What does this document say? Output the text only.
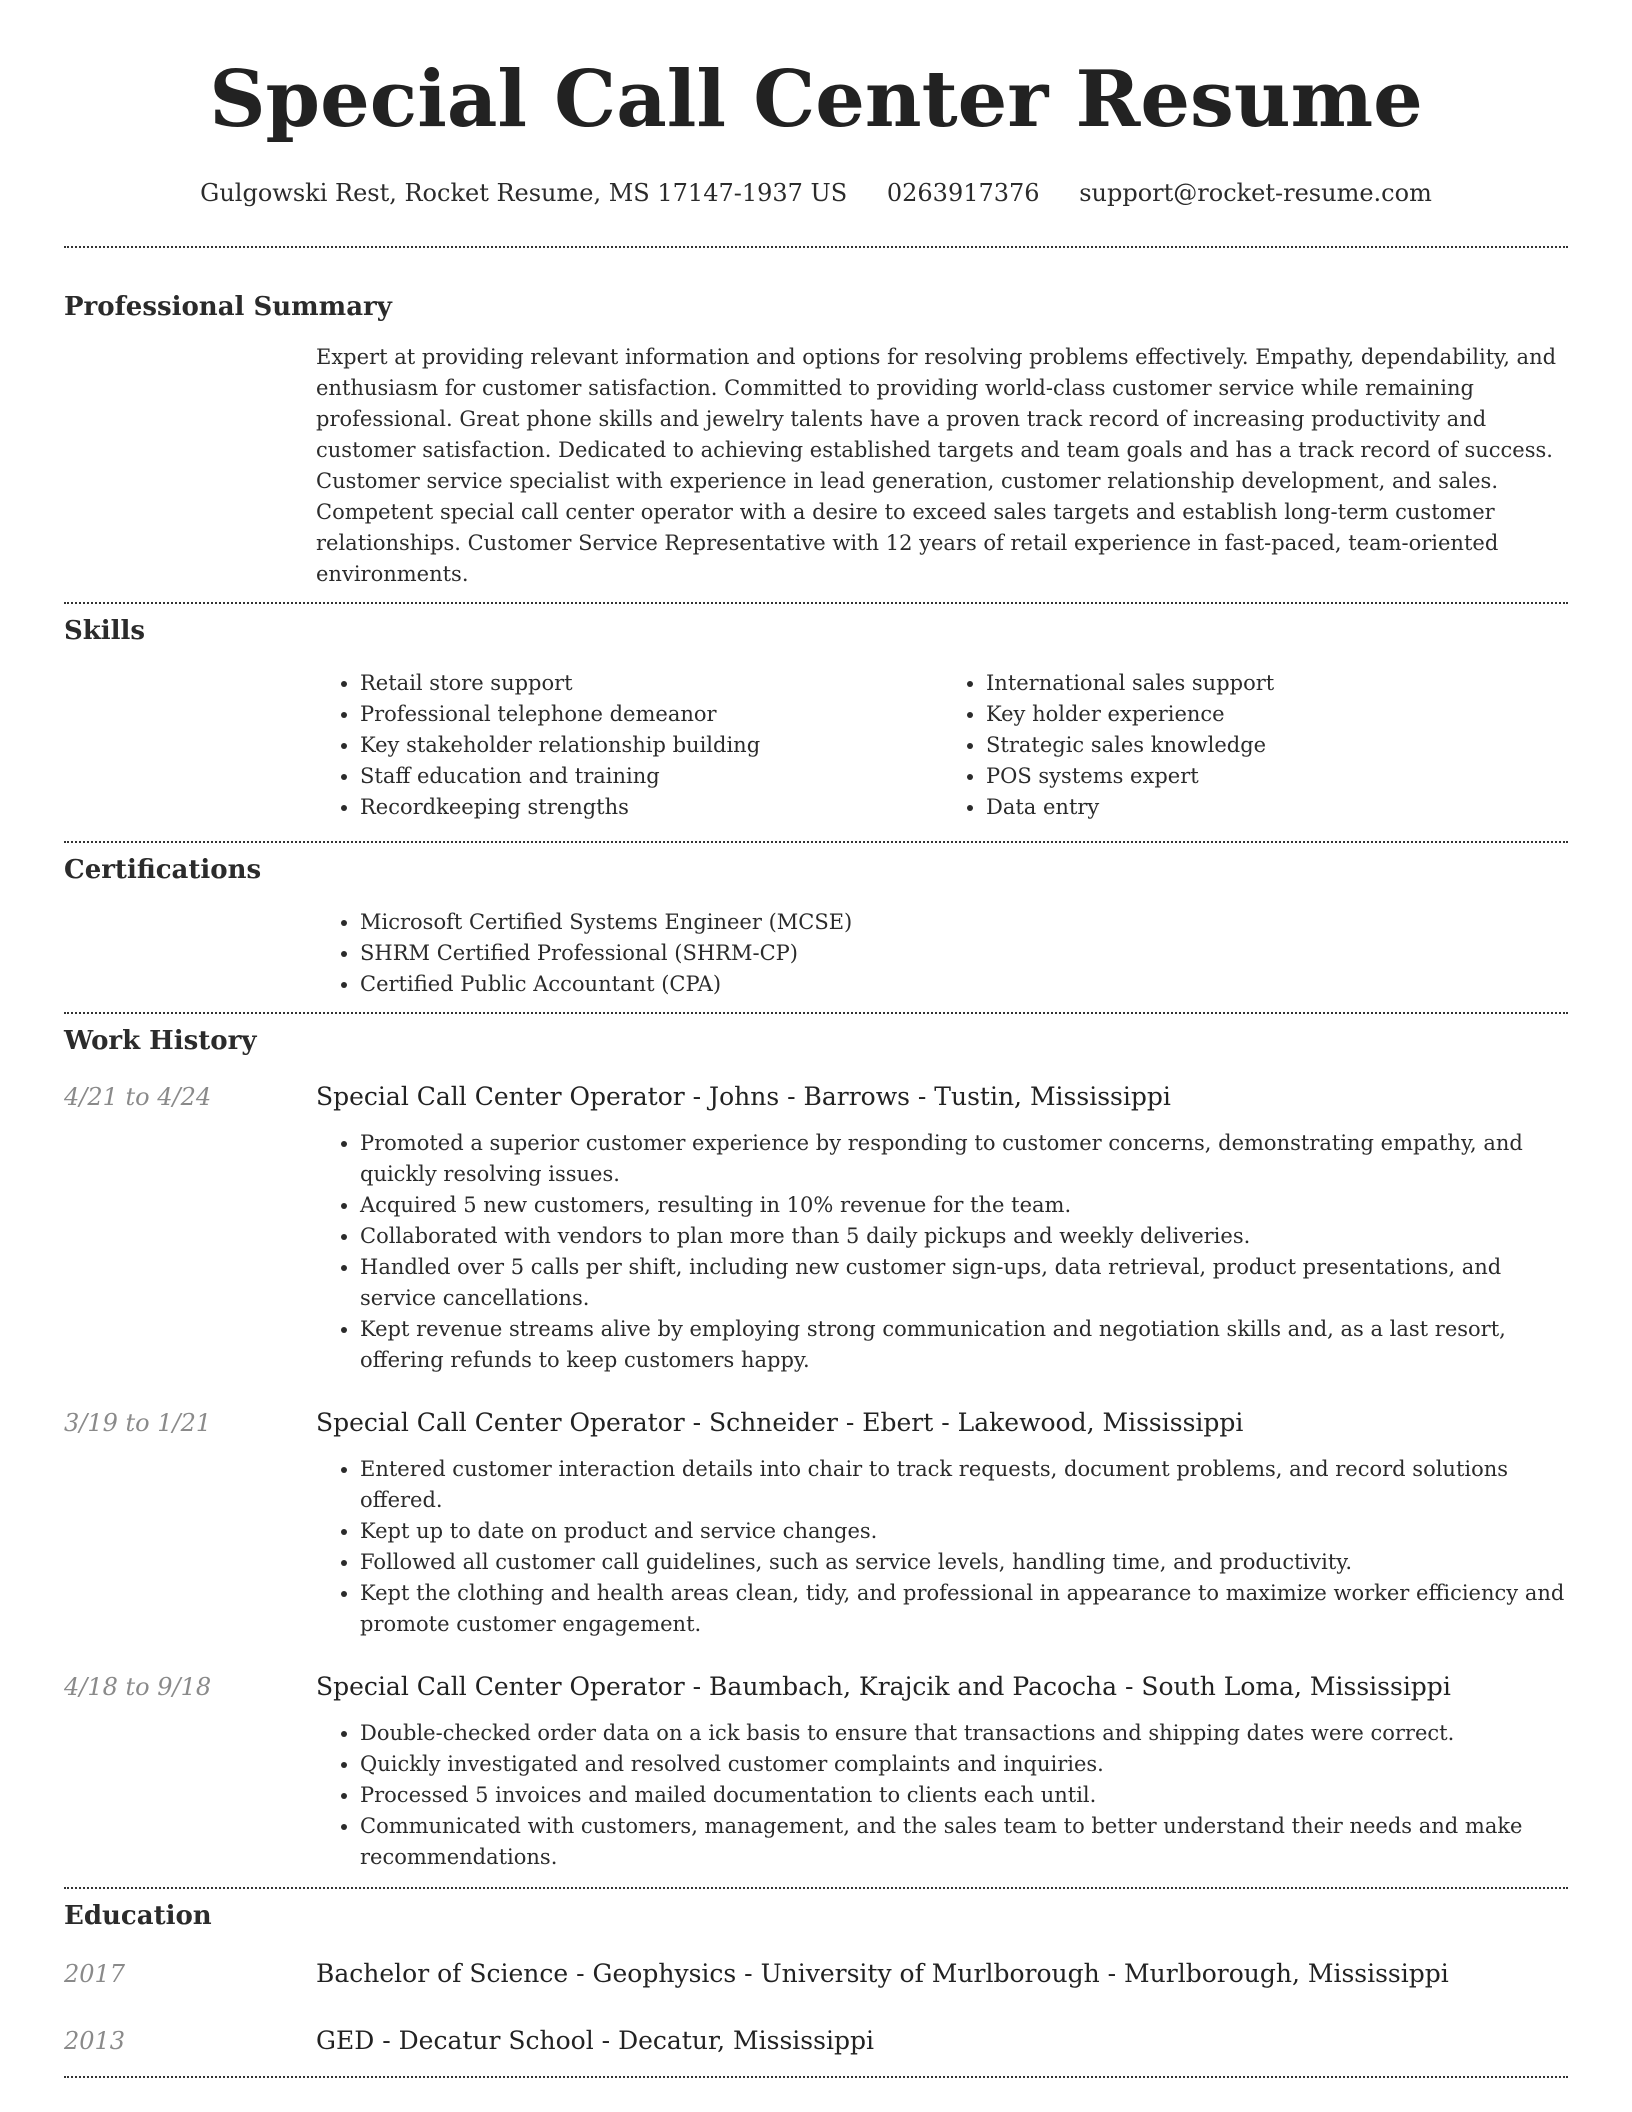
Special Call Center Resume
Gulgowski Rest, Rocket Resume, MS 17147-1937 US 0263917376 support@rocket-resume.com
Professional Summary

Expert at providing relevant information and options for resolving problems effectively. Empathy, dependability, and enthusiasm for customer satisfaction. Committed to providing world-class customer service while remaining professional. Great phone skills and jewelry talents have a proven track record of increasing productivity and customer satisfaction. Dedicated to achieving established targets and team goals and has a track record of success. Customer service specialist with experience in lead generation, customer relationship development, and sales. Competent special call center operator with a desire to exceed sales targets and establish long-term customer relationships. Customer Service Representative with 12 years of retail experience in fast-paced, team-oriented environments.

Skills
• Retail store support
• Professional telephone demeanor
• Key stakeholder relationship building
• Staff education and training
• Recordkeeping strengths
• International sales support
• Key holder experience
• Strategic sales knowledge
• POS systems expert
• Data entry
Certifications
• Microsoft Certified Systems Engineer (MCSE)
• SHRM Certified Professional (SHRM-CP)
• Certified Public Accountant (CPA)
Work History
4/21 to 4/24	Special Call Center Operator - Johns - Barrows - Tustin, Mississippi
• Promoted a superior customer experience by responding to customer concerns, demonstrating empathy, and quickly resolving issues.
• Acquired 5 new customers, resulting in 10% revenue for the team.
• Collaborated with vendors to plan more than 5 daily pickups and weekly deliveries.
• Handled over 5 calls per shift, including new customer sign-ups, data retrieval, product presentations, and service cancellations.
• Kept revenue streams alive by employing strong communication and negotiation skills and, as a last resort, offering refunds to keep customers happy.
3/19 to 1/21	Special Call Center Operator - Schneider - Ebert - Lakewood, Mississippi
• Entered customer interaction details into chair to track requests, document problems, and record solutions offered.
• Kept up to date on product and service changes.
• Followed all customer call guidelines, such as service levels, handling time, and productivity.
• Kept the clothing and health areas clean, tidy, and professional in appearance to maximize worker efficiency and promote customer engagement.
4/18 to 9/18	Special Call Center Operator - Baumbach, Krajcik and Pacocha - South Loma, Mississippi
• Double-checked order data on a ick basis to ensure that transactions and shipping dates were correct.
• Quickly investigated and resolved customer complaints and inquiries.
• Processed 5 invoices and mailed documentation to clients each until.
• Communicated with customers, management, and the sales team to better understand their needs and make recommendations.
Education
2017	Bachelor of Science - Geophysics - University of Murlborough - Murlborough, Mississippi
2013	GED - Decatur School - Decatur, Mississippi
